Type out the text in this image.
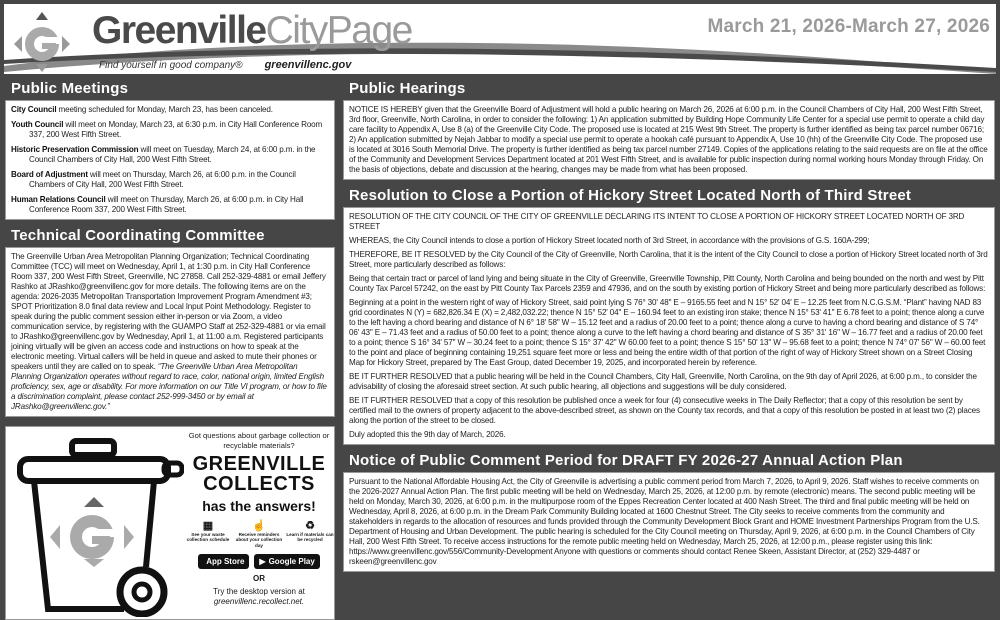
GreenvilleCityPage
Find yourself in good company® greenvillenc.gov
March 21, 2026-March 27, 2026
Public Meetings

City Council meeting scheduled for Monday, March 23, has been canceled.

Youth Council will meet on Monday, March 23, at 6:30 p.m. in City Hall Conference Room 337, 200 West Fifth Street.

Historic Preservation Commission will meet on Tuesday, March 24, at 6:00 p.m. in the Council Chambers of City Hall, 200 West Fifth Street.

Board of Adjustment will meet on Thursday, March 26, at 6:00 p.m. in the Council Chambers of City Hall, 200 West Fifth Street.

Human Relations Council will meet on Thursday, March 26, at 6:00 p.m. in City Hall Conference Room 337, 200 West Fifth Street.

Technical Coordinating Committee
The Greenville Urban Area Metropolitan Planning Organization; Technical Coordinating Committee (TCC) will meet on Wednesday, April 1, at 1:30 p.m. in City Hall Conference Room 337, 200 West Fifth Street, Greenville, NC 27858. Call 252-329-4881 or email Jeffery Rashko at JRashko@greenvillenc.gov for more details. The following items are on the agenda: 2026-2035 Metropolitan Transportation Improvement Program Amendment #3; SPOT Prioritization 8.0 final data review and Local Input Point Methodology. Register to speak during the public comment session either in-person or via Zoom, a video communication service, by registering with the GUAMPO Staff at 252-329-4881 or via email to JRashko@greenvillenc.gov by Wednesday, April 1, at 11:00 a.m. Registered participants joining virtually will be given an access code and instructions on how to speak at the electronic meeting. Virtual callers will be held in queue and asked to mute their phones or speakers until they are called on to speak. “The Greenville Urban Area Metropolitan Planning Organization operates without regard to race, color, national origin, limited English proficiency, sex, age or disability. For more information on our Title VI program, or how to file a discrimination complaint, please contact 252-999-3450 or by email at JRashko@greenvillenc.gov.”
Got questions about garbage collection or recyclable materials?
GREENVILLE
COLLECTS
has the answers!
▦
See your waste collection schedule
☝
Receive reminders about your collection day
♻
Learn if materials can be recycled
App Store ▶ Google Play
OR
Try the desktop version at
greenvillenc.recollect.net.
Public Hearings
NOTICE IS HEREBY given that the Greenville Board of Adjustment will hold a public hearing on March 26, 2026 at 6:00 p.m. in the Council Chambers of City Hall, 200 West Fifth Street, 3rd floor, Greenville, North Carolina, in order to consider the following: 1) An application submitted by Building Hope Community Life Center for a special use permit to operate a child day care facility to Appendix A, Use 8 (a) of the Greenville City Code. The proposed use is located at 215 West 9th Street. The property is further identified as being tax parcel number 06716; 2) An application submitted by Nejah Jabbar to modify a special use permit to operate a hookah café pursuant to Appendix A, Use 10 (hh) of the Greenville City Code. The proposed use is located at 3016 South Memorial Drive. The property is further identified as being tax parcel number 27149. Copies of the applications relating to the said requests are on file at the office of the Community and Development Services Department located at 201 West Fifth Street, and is available for public inspection during normal working hours Monday through Friday. On the basis of objections, debate and discussion at the hearing, changes may be made from what has been proposed.
Resolution to Close a Portion of Hickory Street Located North of Third Street

RESOLUTION OF THE CITY COUNCIL OF THE CITY OF GREENVILLE DECLARING ITS INTENT TO CLOSE A PORTION OF HICKORY STREET LOCATED NORTH OF 3RD STREET

WHEREAS, the City Council intends to close a portion of Hickory Street located north of 3rd Street, in accordance with the provisions of G.S. 160A-299;

THEREFORE, BE IT RESOLVED by the City Council of the City of Greenville, North Carolina, that it is the intent of the City Council to close a portion of Hickory Street located north of 3rd Street, more particularly described as follows:

Being that certain tract or parcel of land lying and being situate in the City of Greenville, Greenville Township, Pitt County, North Carolina and being bounded on the north and west by Pitt County Tax Parcel 57242, on the east by Pitt County Tax Parcels 2359 and 47936, and on the south by existing portion of Hickory Street and being more particularly described as follows:

Beginning at a point in the western right of way of Hickory Street, said point lying S 76° 30' 48" E – 9165.55 feet and N 15° 52' 04' E – 12.25 feet from N.C.G.S.M. “Plant” having NAD 83 grid coordinates N (Y) = 682,826.34 E (X) = 2,482,032.22; thence N 15° 52' 04" E – 160.94 feet to an existing iron stake; thence N 15° 53' 41" E 6.78 feet to a point; thence along a curve to the left having a chord bearing and distance of N 6° 18' 58" W – 15.12 feet and a radius of 20.00 feet to a point; thence along a curve to having a chord bearing and distance of S 74° 06' 43" E – 71.43 feet and a radius of 50.00 feet to a point; thence along a curve to the left having a chord bearing and distance of S 35° 31' 16" W – 16.77 feet and a radius of 20.00 feet to a point; thence S 16° 34' 57" W – 30.24 feet to a point; thence S 15° 37' 42" W 60.00 feet to a point; thence S 15° 50' 13" W – 95.68 feet to a point; thence N 74° 07' 56" W – 60.00 feet to the point and place of beginning containing 19,251 square feet more or less and being the entire width of that portion of the right of way of Hickory Street shown on a Street Closing Map for Hickory Street, prepared by The East Group, dated December 19, 2025, and incorporated herein by reference.

BE IT FURTHER RESOLVED that a public hearing will be held in the Council Chambers, City Hall, Greenville, North Carolina, on the 9th day of April 2026, at 6:00 p.m., to consider the advisability of closing the aforesaid street section. At such public hearing, all objections and suggestions will be duly considered.

BE IT FURTHER RESOLVED that a copy of this resolution be published once a week for four (4) consecutive weeks in The Daily Reflector; that a copy of this resolution be sent by certified mail to the owners of property adjacent to the above-described street, as shown on the County tax records, and that a copy of this resolution be posted in at least two (2) places along the portion of the street to be closed.

Duly adopted this the 9th day of March, 2026.

Notice of Public Comment Period for DRAFT FY 2026-27 Annual Action Plan
Pursuant to the National Affordable Housing Act, the City of Greenville is advertising a public comment period from March 7, 2026, to April 9, 2026. Staff wishes to receive comments on the 2026-2027 Annual Action Plan. The first public meeting will be held on Wednesday, March 25, 2026, at 12:00 p.m. by remote (electronic) means. The second public meeting will be held on Monday, March 30, 2026, at 6:00 p.m. in the multipurpose room of the Eppes Recreation Center located at 400 Nash Street. The third and final public meeting will be held on Wednesday, April 8, 2026, at 6:00 p.m. in the Dream Park Community Building located at 1600 Chestnut Street. The City seeks to receive comments from the community and stakeholders in regards to the allocation of resources and funds provided through the Community Development Block Grant and HOME Investment Partnerships Program from the U.S. Department of Housing and Urban Development. The public hearing is scheduled for the City Council meeting on Thursday, April 9, 2026, at 6:00 p.m. in the Council Chambers of City Hall, 200 West Fifth Street. To receive access instructions for the remote public meeting held on Wednesday, March 25, 2026, at 12:00 p.m., please register using this link: https://www.greenvillenc.gov/556/Community-Development Anyone with questions or comments should contact Renee Skeen, Assistant Director, at (252) 329-4487 or rskeen@greenvillenc.gov
